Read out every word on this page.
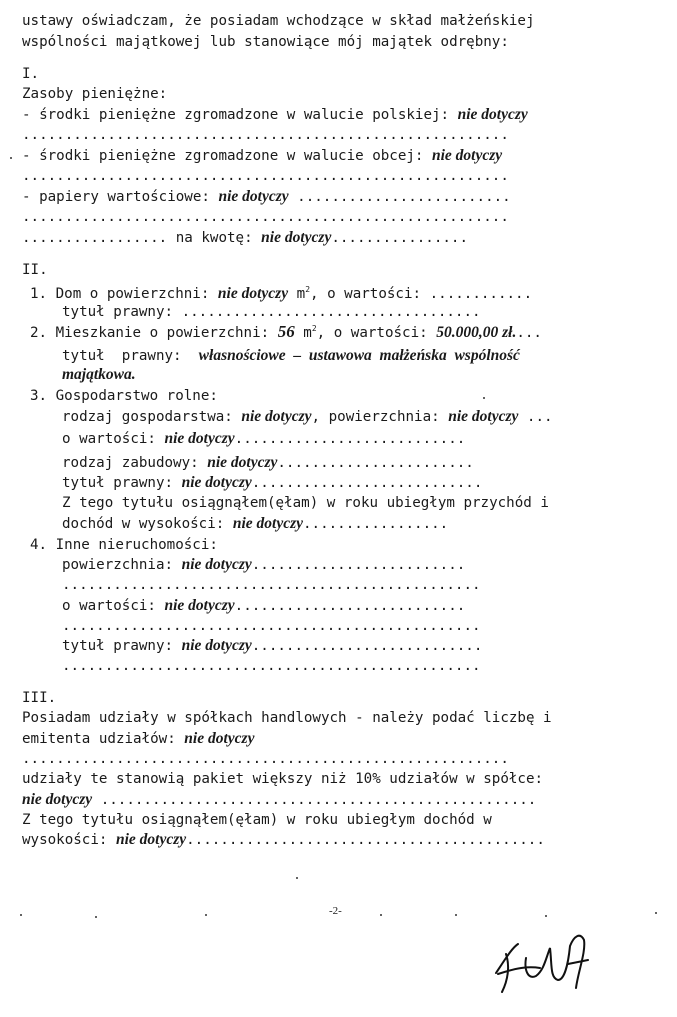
ustawy oświadczam, że posiadam wchodzące w skład małżeńskiej
wspólności majątkowej lub stanowiące mój majątek odrębny:
I.
Zasoby pieniężne:
- środki pieniężne zgromadzone w walucie polskiej: nie dotyczy
.........................................................
- środki pieniężne zgromadzone w walucie obcej: nie dotyczy
.........................................................
- papiery wartościowe: nie dotyczy .........................
.........................................................
................. na kwotę: nie dotyczy................
II.
1. Dom o powierzchni: nie dotyczy $m^2$, o wartości: ............
tytuł prawny: ...................................
2. Mieszkanie o powierzchni: 56 $m^2$, o wartości: 50.000,00 zł....
tytuł  prawny:  własnościowe  –  ustawowa  małżeńska  wspólność
majątkowa.
3. Gospodarstwo rolne:
rodzaj gospodarstwa: nie dotyczy, powierzchnia: nie dotyczy ...
o wartości: nie dotyczy...........................
rodzaj zabudowy: nie dotyczy.......................
tytuł prawny: nie dotyczy...........................
Z tego tytułu osiągnąłem(ęłam) w roku ubiegłym przychód i
dochód w wysokości: nie dotyczy.................
4. Inne nieruchomości:
powierzchnia: nie dotyczy.........................
.................................................
o wartości: nie dotyczy...........................
.................................................
tytuł prawny: nie dotyczy...........................
.................................................
III.
Posiadam udziały w spółkach handlowych - należy podać liczbę i
emitenta udziałów: nie dotyczy
.........................................................
udziały te stanowią pakiet większy niż 10% udziałów w spółce:
nie dotyczy ...................................................
Z tego tytułu osiągnąłem(ęłam) w roku ubiegłym dochód w
wysokości: nie dotyczy..........................................
-2-
